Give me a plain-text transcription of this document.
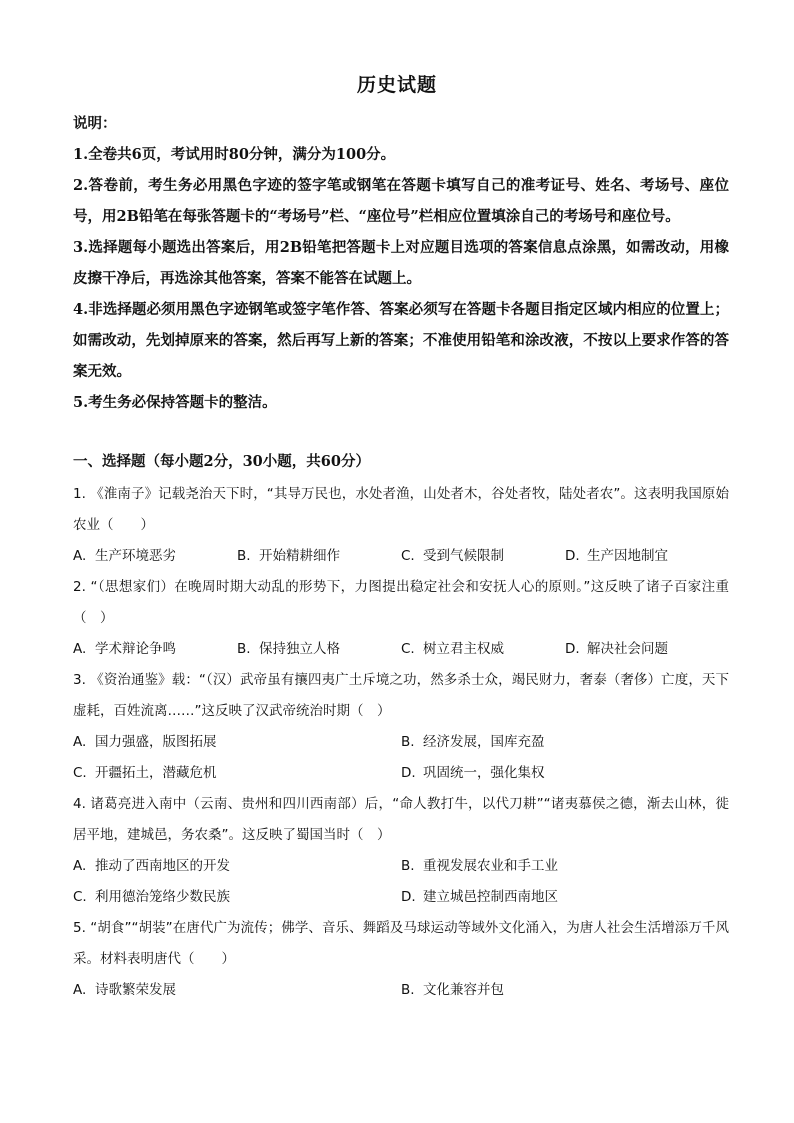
历史试题

说明：

1.全卷共6页，考试用时80分钟，满分为100分。

2.答卷前，考生务必用黑色字迹的签字笔或钢笔在答题卡填写自己的准考证号、姓名、考场号、座位号，用2B铅笔在每张答题卡的“考场号”栏、“座位号”栏相应位置填涂自己的考场号和座位号。

3.选择题每小题选出答案后，用2B铅笔把答题卡上对应题目选项的答案信息点涂黑，如需改动，用橡皮擦干净后，再选涂其他答案，答案不能答在试题上。

4.非选择题必须用黑色字迹钢笔或签字笔作答、答案必须写在答题卡各题目指定区域内相应的位置上；如需改动，先划掉原来的答案，然后再写上新的答案；不准使用铅笔和涂改液，不按以上要求作答的答案无效。

5.考生务必保持答题卡的整洁。

一、选择题（每小题2分，30小题，共60分）

1. 《淮南子》记载尧治天下时，“其导万民也，水处者渔，山处者木，谷处者牧，陆处者农”。这表明我国原始农业（　　）

A. 生产环境恶劣	B. 开始精耕细作	C. 受到气候限制	D. 生产因地制宜

2. “（思想家们）在晚周时期大动乱的形势下，力图提出稳定社会和安抚人心的原则。”这反映了诸子百家注重（　）

A. 学术辩论争鸣	B. 保持独立人格	C. 树立君主权威	D. 解决社会问题

3. 《资治通鉴》载：“（汉）武帝虽有攘四夷广土斥境之功，然多杀士众，竭民财力，奢泰（奢侈）亡度，天下虚耗，百姓流离……”这反映了汉武帝统治时期（　）

A. 国力强盛，版图拓展	B. 经济发展，国库充盈
C. 开疆拓土，潜藏危机	D. 巩固统一，强化集权

4. 诸葛亮进入南中（云南、贵州和四川西南部）后，“命人教打牛，以代刀耕”“诸夷慕侯之德，渐去山林，徙居平地，建城邑，务农桑”。这反映了蜀国当时（　）

A. 推动了西南地区的开发	B. 重视发展农业和手工业
C. 利用德治笼络少数民族	D. 建立城邑控制西南地区

5. “胡食”“胡装”在唐代广为流传；佛学、音乐、舞蹈及马球运动等域外文化涌入，为唐人社会生活增添万千风采。材料表明唐代（　　）

A. 诗歌繁荣发展	B. 文化兼容并包
